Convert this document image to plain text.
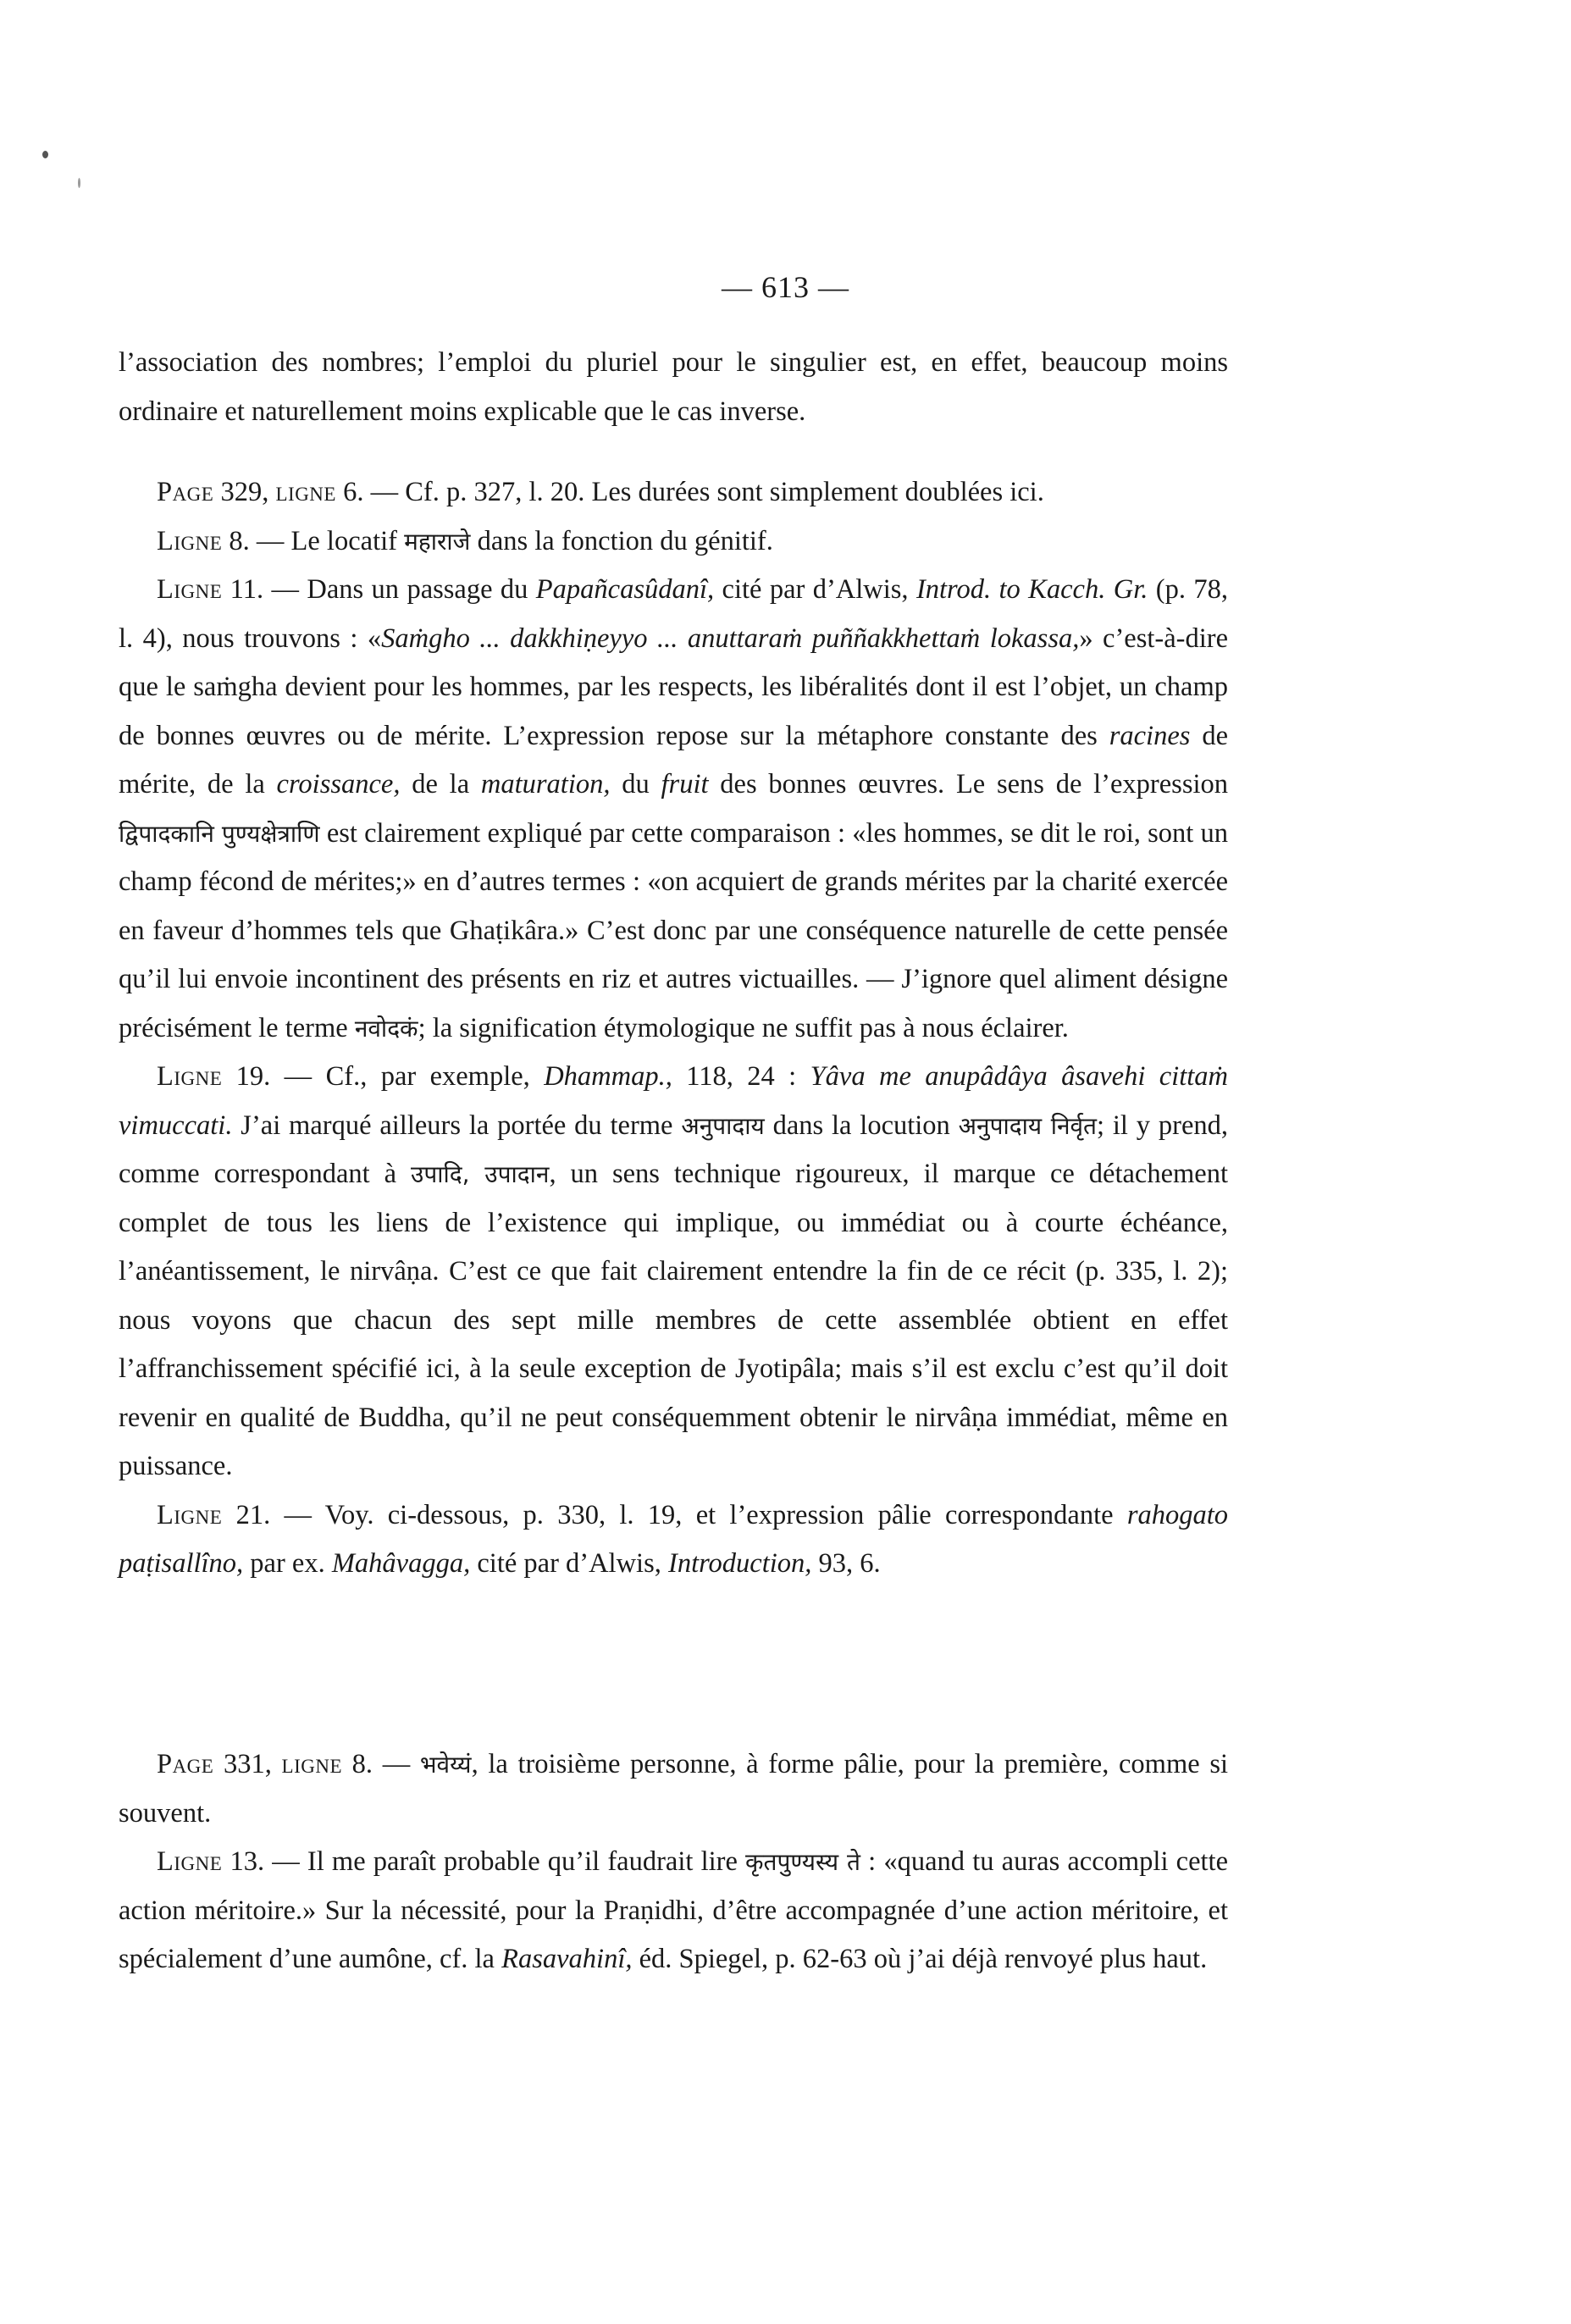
— 613 —

l’association des nombres; l’emploi du pluriel pour le singulier est, en effet, beaucoup moins ordinaire et naturellement moins explicable que le cas inverse.

Page 329, ligne 6. — Cf. p. 327, l. 20. Les durées sont simplement doublées ici.

Ligne 8. — Le locatif महाराजे dans la fonction du génitif.

Ligne 11. — Dans un passage du Papañcasûdanî, cité par d’Alwis, Introd. to Kacch. Gr. (p. 78, l. 4), nous trouvons : «Saṁgho ... dakkhiṇeyyo ... anuttaraṁ puññakkhettaṁ lokassa,» c’est-à-dire que le saṁgha devient pour les hommes, par les respects, les libéralités dont il est l’objet, un champ de bonnes œuvres ou de mérite. L’expression repose sur la métaphore constante des racines de mérite, de la croissance, de la maturation, du fruit des bonnes œuvres. Le sens de l’expression द्विपादकानि पुण्यक्षेत्राणि est clairement expliqué par cette comparaison : «les hommes, se dit le roi, sont un champ fécond de mérites;» en d’autres termes : «on acquiert de grands mérites par la charité exercée en faveur d’hommes tels que Ghaṭikâra.» C’est donc par une conséquence naturelle de cette pensée qu’il lui envoie incontinent des présents en riz et autres victuailles. — J’ignore quel aliment désigne précisément le terme नवोदकं; la signification étymologique ne suffit pas à nous éclairer.

Ligne 19. — Cf., par exemple, Dhammap., 118, 24 : Yâva me anupâdâya âsavehi cittaṁ vimuccati. J’ai marqué ailleurs la portée du terme अनुपादाय dans la locution अनुपादाय निर्वृत; il y prend, comme correspondant à उपादि, उपादान, un sens technique rigoureux, il marque ce détachement complet de tous les liens de l’existence qui implique, ou immédiat ou à courte échéance, l’anéantissement, le nirvâṇa. C’est ce que fait clairement entendre la fin de ce récit (p. 335, l. 2); nous voyons que chacun des sept mille membres de cette assemblée obtient en effet l’affranchissement spécifié ici, à la seule exception de Jyotipâla; mais s’il est exclu c’est qu’il doit revenir en qualité de Buddha, qu’il ne peut conséquemment obtenir le nirvâṇa immédiat, même en puissance.

Ligne 21. — Voy. ci-dessous, p. 330, l. 19, et l’expression pâlie correspondante rahogato paṭisallîno, par ex. Mahâvagga, cité par d’Alwis, Introduction, 93, 6.

Page 331, ligne 8. — भवेय्यं, la troisième personne, à forme pâlie, pour la première, comme si souvent.

Ligne 13. — Il me paraît probable qu’il faudrait lire कृतपुण्यस्य ते : «quand tu auras accompli cette action méritoire.» Sur la nécessité, pour la Praṇidhi, d’être accompagnée d’une action méritoire, et spécialement d’une aumône, cf. la Rasavahinî, éd. Spiegel, p. 62-63 où j’ai déjà renvoyé plus haut.
